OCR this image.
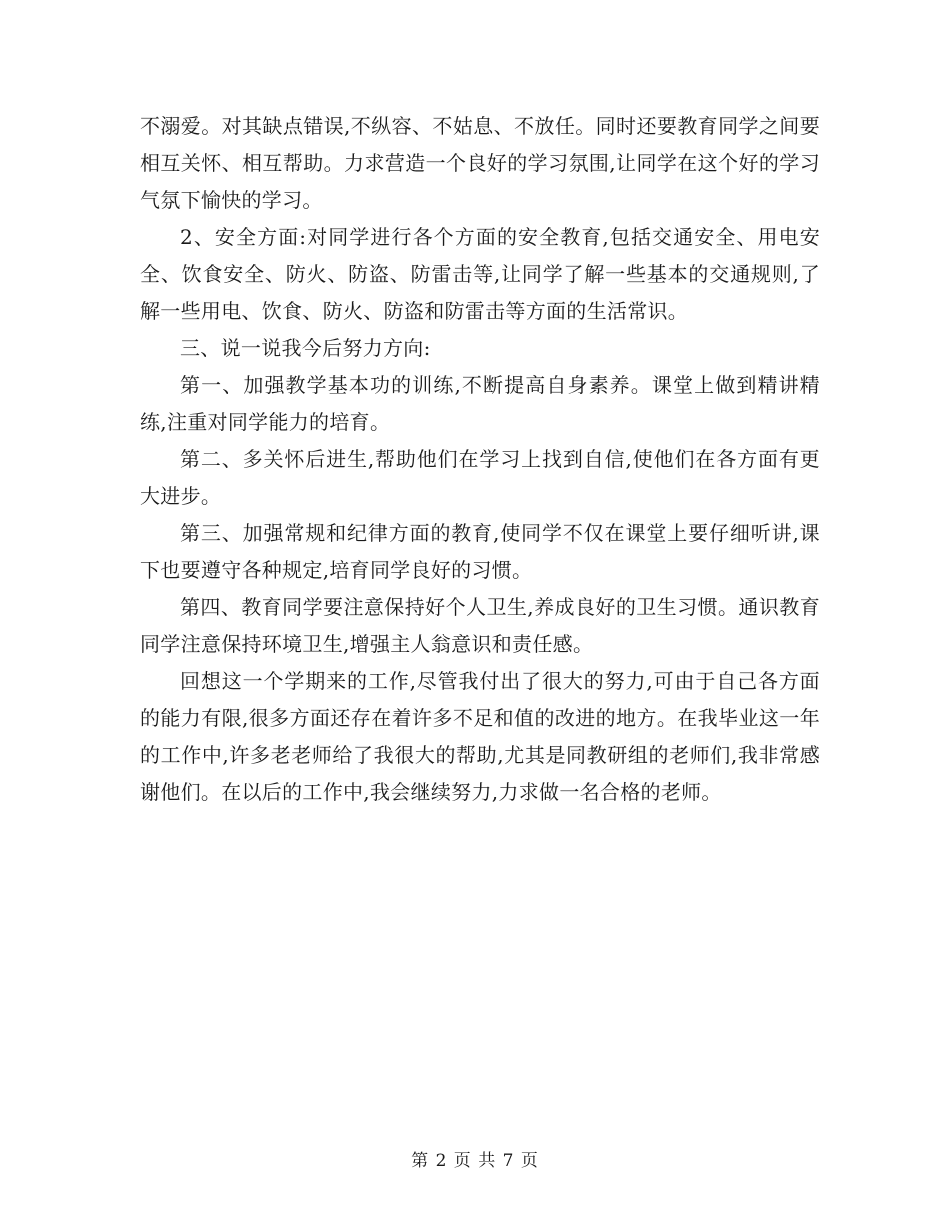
不溺爱。对其缺点错误,不纵容、不姑息、不放任。同时还要教育同学之间要相互关怀、相互帮助。力求营造一个良好的学习氛围,让同学在这个好的学习气氛下愉快的学习。

2、安全方面:对同学进行各个方面的安全教育,包括交通安全、用电安全、饮食安全、防火、防盗、防雷击等,让同学了解一些基本的交通规则,了解一些用电、饮食、防火、防盗和防雷击等方面的生活常识。

三、说一说我今后努力方向:

第一、加强教学基本功的训练,不断提高自身素养。课堂上做到精讲精练,注重对同学能力的培育。

第二、多关怀后进生,帮助他们在学习上找到自信,使他们在各方面有更大进步。

第三、加强常规和纪律方面的教育,使同学不仅在课堂上要仔细听讲,课下也要遵守各种规定,培育同学良好的习惯。

第四、教育同学要注意保持好个人卫生,养成良好的卫生习惯。通识教育同学注意保持环境卫生,增强主人翁意识和责任感。

回想这一个学期来的工作,尽管我付出了很大的努力,可由于自己各方面的能力有限,很多方面还存在着许多不足和值的改进的地方。在我毕业这一年的工作中,许多老老师给了我很大的帮助,尤其是同教研组的老师们,我非常感谢他们。在以后的工作中,我会继续努力,力求做一名合格的老师。

第 2 页 共 7 页
